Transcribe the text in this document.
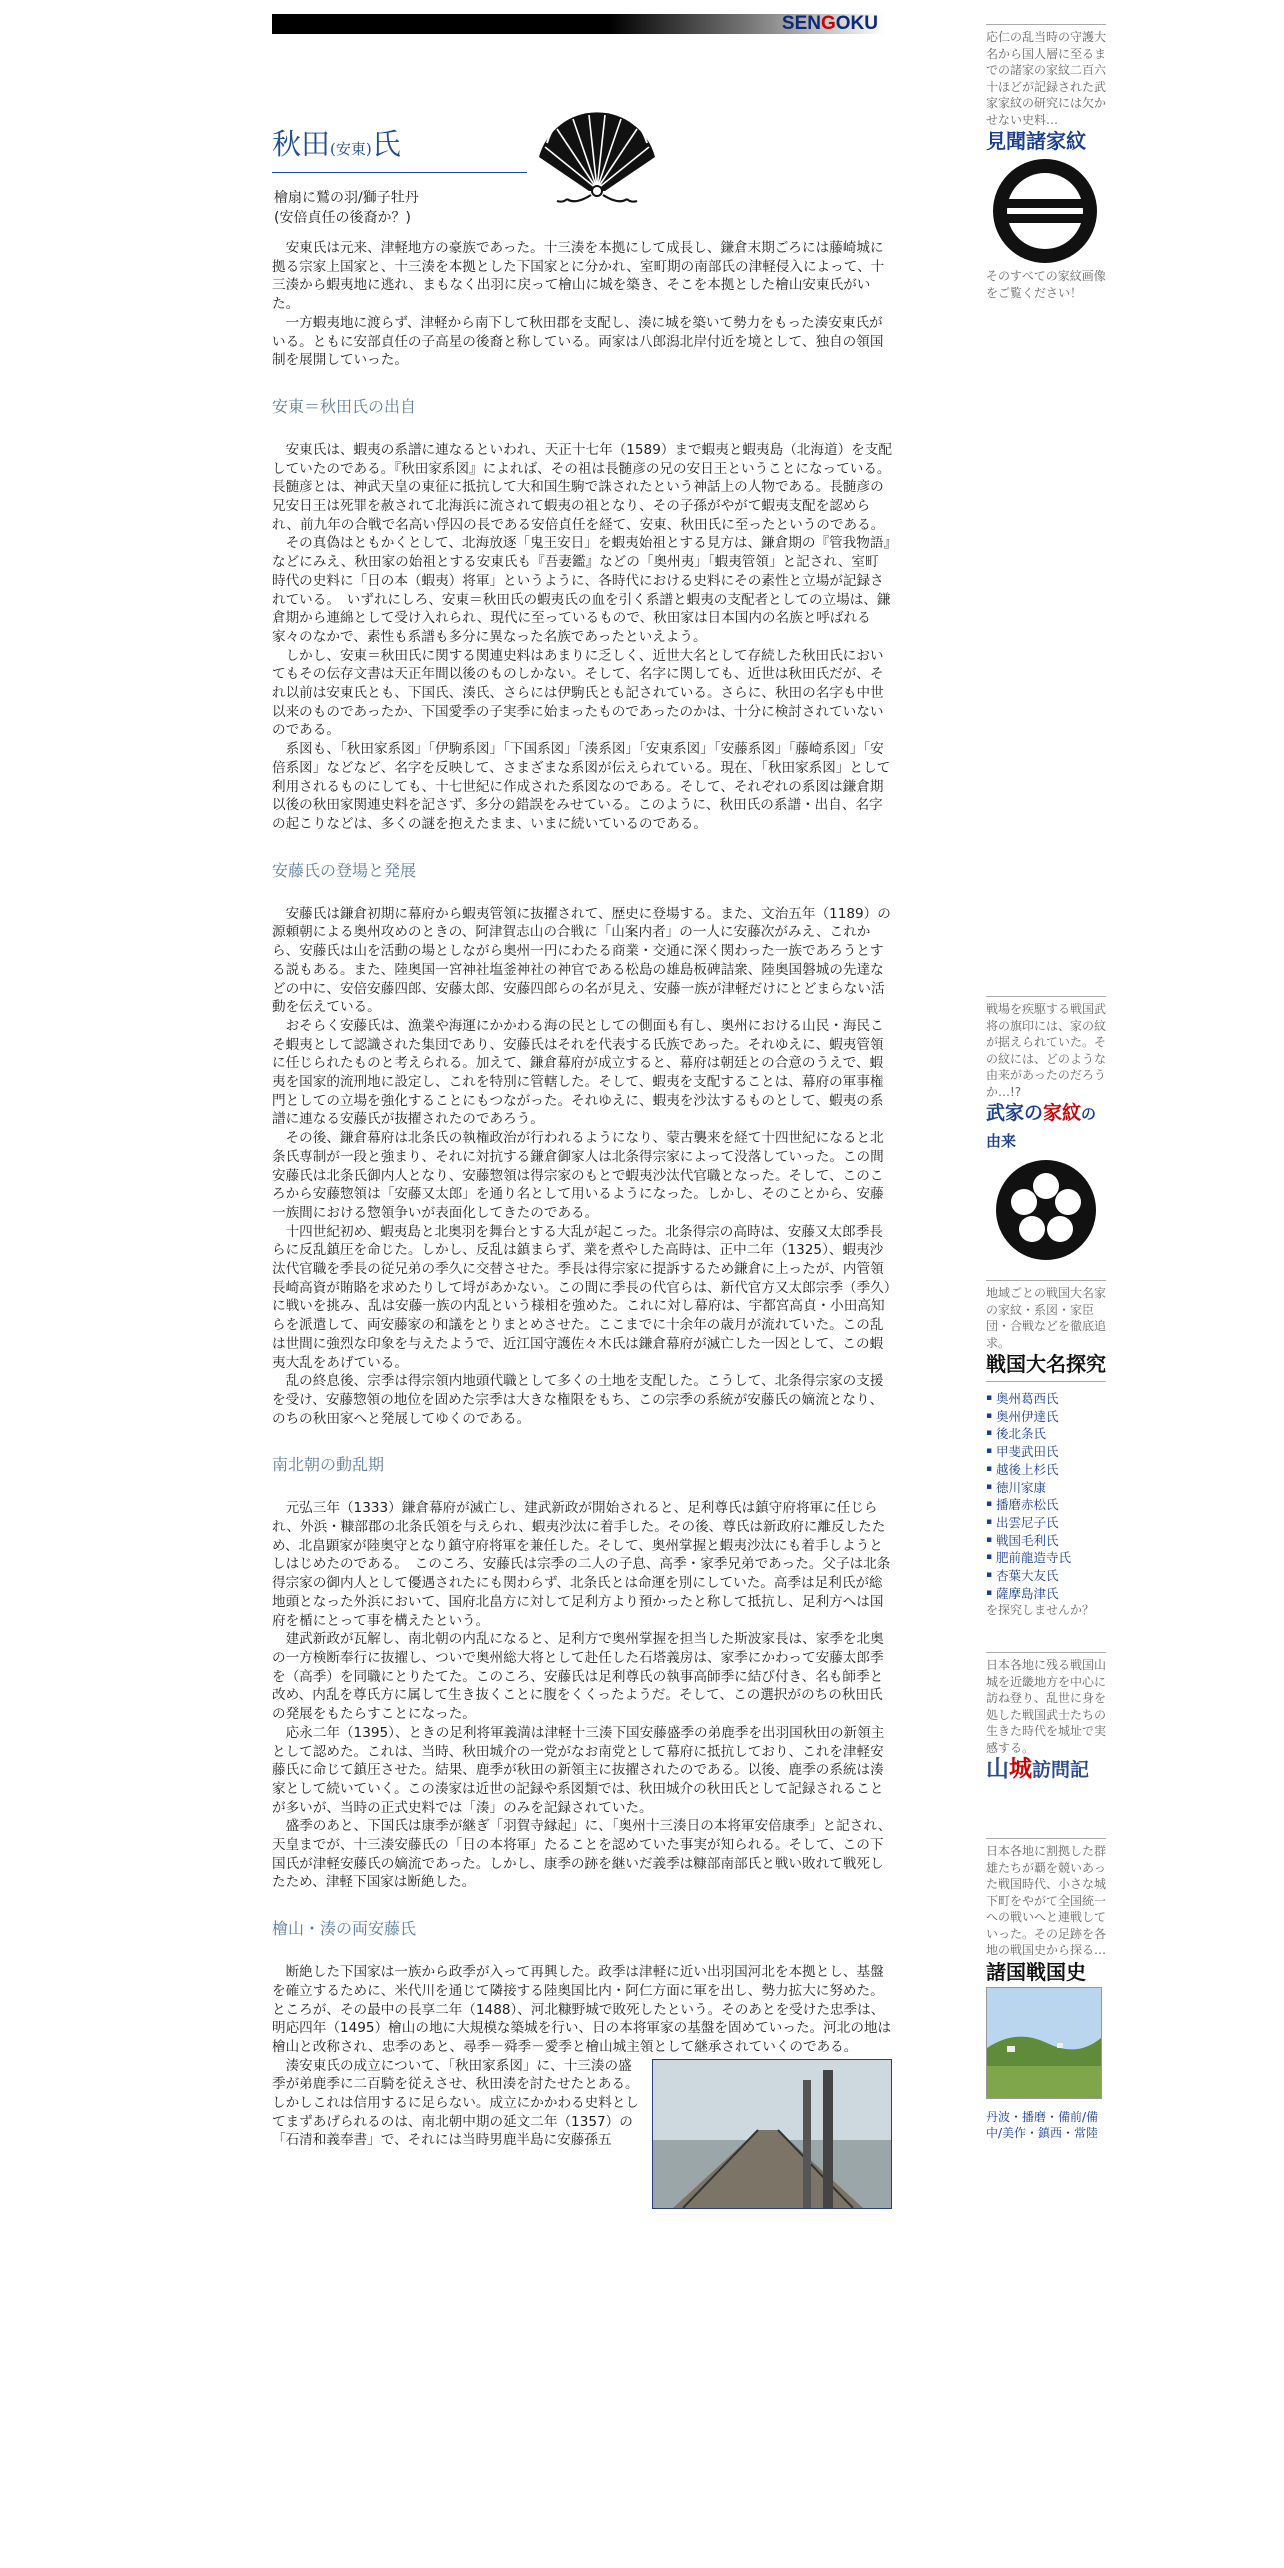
SENGOKU
秋田(安東)氏
檜扇に鷲の羽/獅子牡丹
(安倍貞任の後裔か？)

安東氏は元来、津軽地方の豪族であった。十三湊を本拠にして成長し、鎌倉末期ごろには藤崎城に拠る宗家上国家と、十三湊を本拠とした下国家とに分かれ、室町期の南部氏の津軽侵入によって、十三湊から蝦夷地に逃れ、まもなく出羽に戻って檜山に城を築き、そこを本拠とした檜山安東氏がいた。

一方蝦夷地に渡らず、津軽から南下して秋田郡を支配し、湊に城を築いて勢力をもった湊安東氏がいる。ともに安部貞任の子高星の後裔と称している。両家は八郎潟北岸付近を境として、独自の領国制を展開していった。

安東＝秋田氏の出自

安東氏は、蝦夷の系譜に連なるといわれ、天正十七年（1589）まで蝦夷と蝦夷島（北海道）を支配していたのである。『秋田家系図』によれば、その祖は長髄彦の兄の安日王ということになっている。長髄彦とは、神武天皇の東征に抵抗して大和国生駒で誅されたという神話上の人物である。長髄彦の兄安日王は死罪を赦されて北海浜に流されて蝦夷の祖となり、その子孫がやがて蝦夷支配を認められ、前九年の合戦で名高い俘囚の長である安倍貞任を経て、安東、秋田氏に至ったというのである。

その真偽はともかくとして、北海放逐「鬼王安日」を蝦夷始祖とする見方は、鎌倉期の『管我物語』などにみえ、秋田家の始祖とする安東氏も『吾妻鑑』などの「奥州夷」「蝦夷管領」と記され、室町時代の史料に「日の本（蝦夷）将軍」というように、各時代における史料にその素性と立場が記録されている。　いずれにしろ、安東＝秋田氏の蝦夷氏の血を引く系譜と蝦夷の支配者としての立場は、鎌倉期から連綿として受け入れられ、現代に至っているもので、秋田家は日本国内の名族と呼ばれる家々のなかで、素性も系譜も多分に異なった名族であったといえよう。

しかし、安東＝秋田氏に関する関連史料はあまりに乏しく、近世大名として存続した秋田氏においてもその伝存文書は天正年間以後のものしかない。そして、名字に関しても、近世は秋田氏だが、それ以前は安東氏とも、下国氏、湊氏、さらには伊駒氏とも記されている。さらに、秋田の名字も中世以来のものであったか、下国愛季の子実季に始まったものであったのかは、十分に検討されていないのである。

系図も、「秋田家系図」「伊駒系図」「下国系図」「湊系図」「安東系図」「安藤系図」「藤崎系図」「安倍系図」などなど、名字を反映して、さまざまな系図が伝えられている。現在、「秋田家系図」として利用されるものにしても、十七世紀に作成された系図なのである。そして、それぞれの系図は鎌倉期以後の秋田家関連史料を記さず、多分の錯誤をみせている。このように、秋田氏の系譜・出自、名字の起こりなどは、多くの謎を抱えたまま、いまに続いているのである。

安藤氏の登場と発展

安藤氏は鎌倉初期に幕府から蝦夷管領に抜擢されて、歴史に登場する。また、文治五年（1189）の源頼朝による奥州攻めのときの、阿津賀志山の合戦に「山案内者」の一人に安藤次がみえ、これから、安藤氏は山を活動の場としながら奥州一円にわたる商業・交通に深く関わった一族であろうとする説もある。また、陸奥国一宮神社塩釜神社の神官である松島の雄島板碑詰衆、陸奥国磐城の先達などの中に、安倍安藤四郎、安藤太郎、安藤四郎らの名が見え、安藤一族が津軽だけにとどまらない活動を伝えている。

おそらく安藤氏は、漁業や海運にかかわる海の民としての側面も有し、奥州における山民・海民こそ蝦夷として認識された集団であり、安藤氏はそれを代表する氏族であった。それゆえに、蝦夷管領に任じられたものと考えられる。加えて、鎌倉幕府が成立すると、幕府は朝廷との合意のうえで、蝦夷を国家的流刑地に設定し、これを特別に管轄した。そして、蝦夷を支配することは、幕府の軍事権門としての立場を強化することにもつながった。それゆえに、蝦夷を沙汰するものとして、蝦夷の系譜に連なる安藤氏が抜擢されたのであろう。

その後、鎌倉幕府は北条氏の執権政治が行われるようになり、蒙古襲来を経て十四世紀になると北条氏専制が一段と強まり、それに対抗する鎌倉御家人は北条得宗家によって没落していった。この間安藤氏は北条氏御内人となり、安藤惣領は得宗家のもとで蝦夷沙汰代官職となった。そして、このころから安藤惣領は「安藤又太郎」を通り名として用いるようになった。しかし、そのことから、安藤一族間における惣領争いが表面化してきたのである。

十四世紀初め、蝦夷島と北奥羽を舞台とする大乱が起こった。北条得宗の高時は、安藤又太郎季長らに反乱鎮圧を命じた。しかし、反乱は鎮まらず、業を煮やした高時は、正中二年（1325）、蝦夷沙汰代官職を季長の従兄弟の季久に交替させた。季長は得宗家に提訴するため鎌倉に上ったが、内管領長崎高資が賄賂を求めたりして埒があかない。この間に季長の代官らは、新代官方又太郎宗季（季久）に戦いを挑み、乱は安藤一族の内乱という様相を強めた。これに対し幕府は、宇都宮高貞・小田高知らを派遣して、両安藤家の和議をとりまとめさせた。ここまでに十余年の歳月が流れていた。この乱は世間に強烈な印象を与えたようで、近江国守護佐々木氏は鎌倉幕府が滅亡した一因として、この蝦夷大乱をあげている。

乱の終息後、宗季は得宗領内地頭代職として多くの土地を支配した。こうして、北条得宗家の支援を受け、安藤惣領の地位を固めた宗季は大きな権限をもち、この宗季の系統が安藤氏の嫡流となり、のちの秋田家へと発展してゆくのである。

南北朝の動乱期

元弘三年（1333）鎌倉幕府が滅亡し、建武新政が開始されると、足利尊氏は鎮守府将軍に任じられ、外浜・糠部郡の北条氏領を与えられ、蝦夷沙汰に着手した。その後、尊氏は新政府に離反したため、北畠顕家が陸奥守となり鎮守府将軍を兼任した。そして、奥州掌握と蝦夷沙汰にも着手しようとしはじめたのである。　このころ、安藤氏は宗季の二人の子息、高季・家季兄弟であった。父子は北条得宗家の御内人として優遇されたにも関わらず、北条氏とは命運を別にしていた。高季は足利氏が総地頭となった外浜において、国府北畠方に対して足利方より預かったと称して抵抗し、足利方へは国府を楯にとって事を構えたという。

建武新政が瓦解し、南北朝の内乱になると、足利方で奥州掌握を担当した斯波家長は、家季を北奥の一方検断奉行に抜擢し、ついで奥州総大将として赴任した石塔義房は、家季にかわって安藤太郎季を（高季）を同職にとりたてた。このころ、安藤氏は足利尊氏の執事高師季に結び付き、名も師季と改め、内乱を尊氏方に属して生き抜くことに腹をくくったようだ。そして、この選択がのちの秋田氏の発展をもたらすことになった。

応永二年（1395）、ときの足利将軍義満は津軽十三湊下国安藤盛季の弟鹿季を出羽国秋田の新領主として認めた。これは、当時、秋田城介の一党がなお南党として幕府に抵抗しており、これを津軽安藤氏に命じて鎮圧させた。結果、鹿季が秋田の新領主に抜擢されたのである。以後、鹿季の系統は湊家として続いていく。この湊家は近世の記録や系図類では、秋田城介の秋田氏として記録されることが多いが、当時の正式史料では「湊」のみを記録されていた。

盛季のあと、下国氏は康季が継ぎ「羽賀寺縁起」に、「奥州十三湊日の本将軍安倍康季」と記され、天皇までが、十三湊安藤氏の「日の本将軍」たることを認めていた事実が知られる。そして、この下国氏が津軽安藤氏の嫡流であった。しかし、康季の跡を継いだ義季は糠部南部氏と戦い敗れて戦死したため、津軽下国家は断絶した。

檜山・湊の両安藤氏

断絶した下国家は一族から政季が入って再興した。政季は津軽に近い出羽国河北を本拠とし、基盤を確立するために、米代川を通じて隣接する陸奥国比内・阿仁方面に軍を出し、勢力拡大に努めた。ところが、その最中の長享二年（1488）、河北糠野城で敗死したという。そのあとを受けた忠季は、明応四年（1495）檜山の地に大規模な築城を行い、日の本将軍家の基盤を固めていった。河北の地は檜山と改称され、忠季のあと、尋季－舜季－愛季と檜山城主領として継承されていくのである。

湊安東氏の成立について、「秋田家系図」に、十三湊の盛季が弟鹿季に二百騎を従えさせ、秋田湊を討たせたとある。しかしこれは信用するに足らない。成立にかかわる史料としてまずあげられるのは、南北朝中期の延文二年（1357）の「石清和義奉書」で、それには当時男鹿半島に安藤孫五

応仁の乱当時の守護大名から国人層に至るまでの諸家の家紋二百六十ほどが記録された武家家紋の研究には欠かせない史料…
見聞諸家紋
そのすべての家紋画像をご覧ください！
戦場を疾駆する戦国武将の旗印には、家の紋が据えられていた。その紋には、どのような由来があったのだろうか…!?
武家の家紋の由来
地域ごとの戦国大名家の家紋・系図・家臣団・合戦などを徹底追求。
戦国大名探究
▪ 奥州葛西氏
▪ 奥州伊達氏
▪ 後北条氏
▪ 甲斐武田氏
▪ 越後上杉氏
▪ 徳川家康
▪ 播磨赤松氏
▪ 出雲尼子氏
▪ 戦国毛利氏
▪ 肥前龍造寺氏
▪ 杏葉大友氏
▪ 薩摩島津氏
を探究しませんか？
日本各地に残る戦国山城を近畿地方を中心に訪ね登り、乱世に身を処した戦国武士たちの生きた時代を城址で実感する。
山城訪問記
日本各地に割拠した群雄たちが覇を競いあった戦国時代、小さな城下町をやがて全国統一への戦いへと連戦していった。その足跡を各地の戦国史から探る…
諸国戦国史
丹波・播磨・備前/備中/美作・鎮西・常陸
